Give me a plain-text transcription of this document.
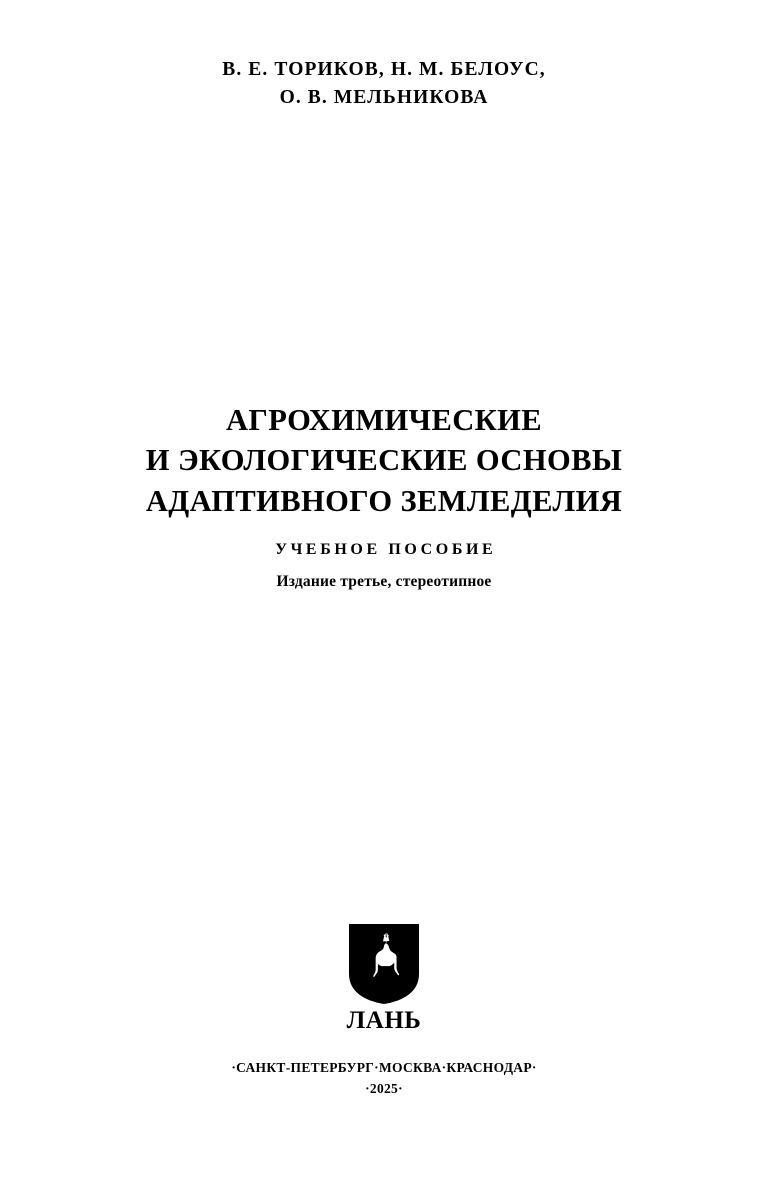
В. Е. ТОРИКОВ, Н. М. БЕЛОУС,
О. В. МЕЛЬНИКОВА
АГРОХИМИЧЕСКИЕ
И ЭКОЛОГИЧЕСКИЕ ОСНОВЫ
АДАПТИВНОГО ЗЕМЛЕДЕЛИЯ
УЧЕБНОЕ ПОСОБИЕ
Издание третье, стереотипное
ЛАНЬ
·САНКТ-ПЕТЕРБУРГ·МОСКВА·КРАСНОДАР·
·2025·
